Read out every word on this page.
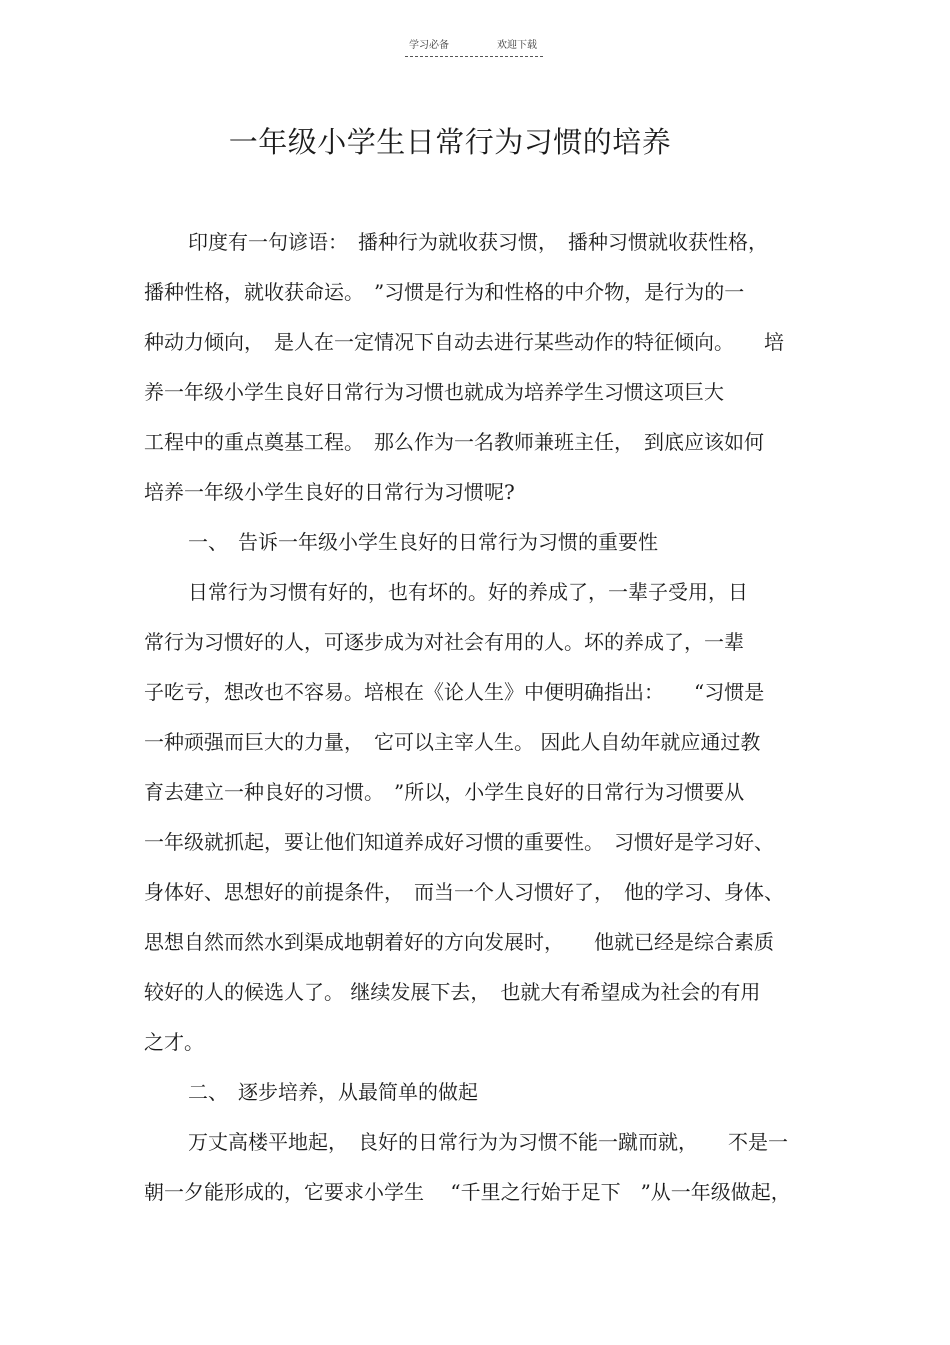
学习必备	欢迎下载
一年级小学生日常行为习惯的培养
印度有一句谚语：　播种行为就收获习惯，　播种习惯就收获性格，
播种性格，就收获命运。　”习惯是行为和性格的中介物，是行为的一
种动力倾向，　是人在一定情况下自动去进行某些动作的特征倾向。　　培
养一年级小学生良好日常行为习惯也就成为培养学生习惯这项巨大
工程中的重点奠基工程。　那么作为一名教师兼班主任，　到底应该如何
培养一年级小学生良好的日常行为习惯呢?
一、　告诉一年级小学生良好的日常行为习惯的重要性
日常行为习惯有好的，也有坏的。好的养成了，一辈子受用，日
常行为习惯好的人，可逐步成为对社会有用的人。坏的养成了，一辈
子吃亏，想改也不容易。培根在《论人生》中便明确指出：　　“习惯是
一种顽强而巨大的力量，　它可以主宰人生。 因此人自幼年就应通过教
育去建立一种良好的习惯。　”所以，小学生良好的日常行为习惯要从
一年级就抓起，要让他们知道养成好习惯的重要性。　习惯好是学习好、
身体好、思想好的前提条件，　而当一个人习惯好了，　他的学习、身体、
思想自然而然水到渠成地朝着好的方向发展时，　　他就已经是综合素质
较好的人的候选人了。 继续发展下去，　也就大有希望成为社会的有用
之才。
二、　逐步培养，从最简单的做起
万丈高楼平地起，　良好的日常行为为习惯不能一蹴而就，　　不是一
朝一夕能形成的，它要求小学生　 “千里之行始于足下　”从一年级做起，
